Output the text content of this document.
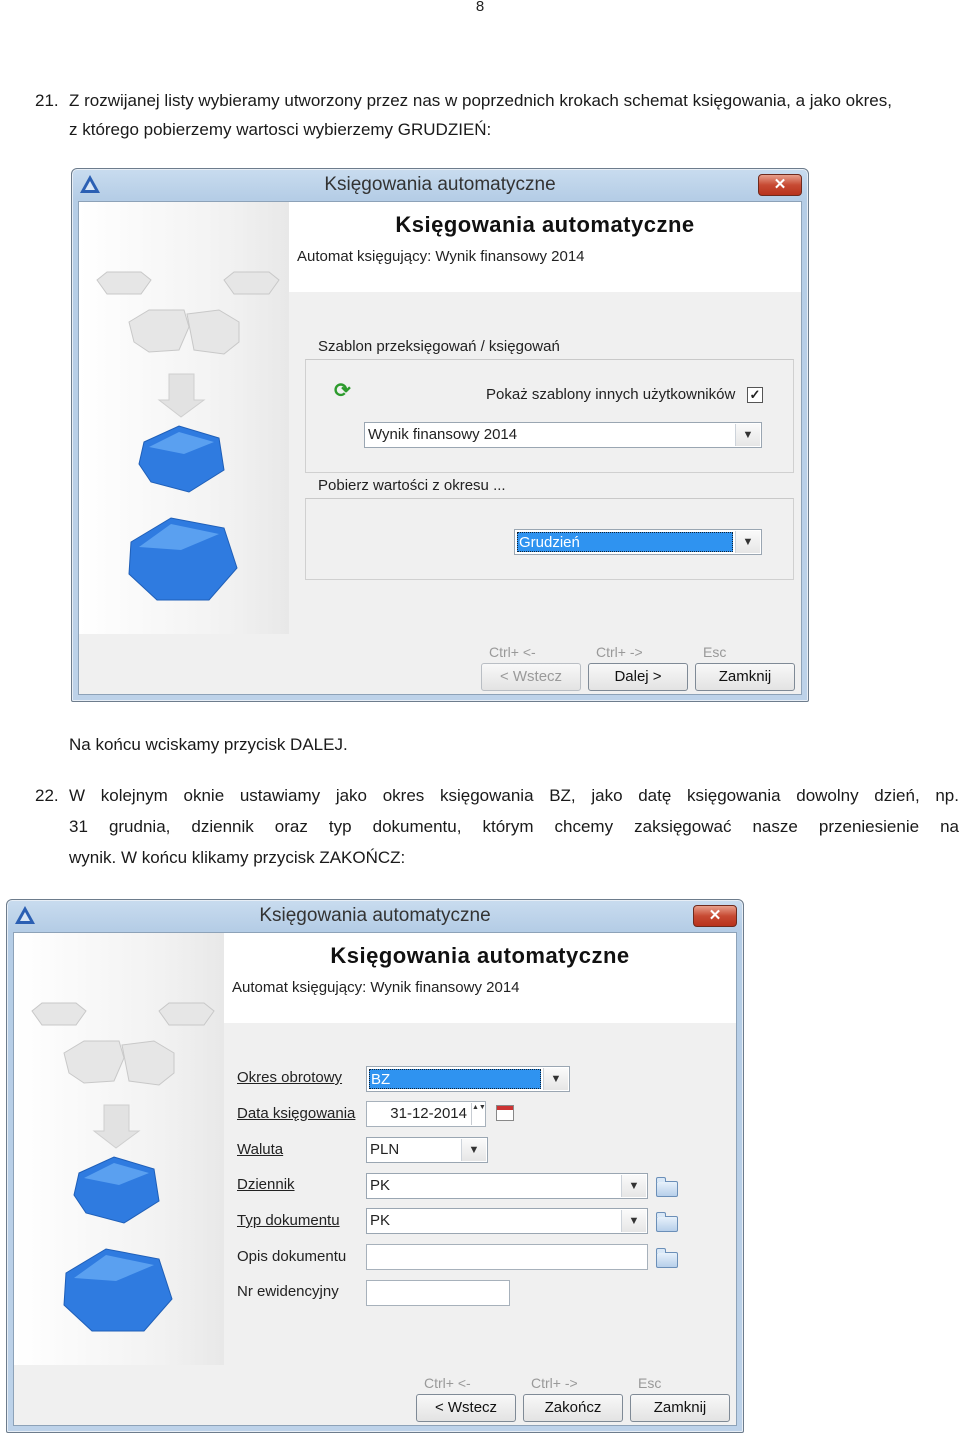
8
21. Z rozwijanej listy wybieramy utworzony przez nas w poprzednich krokach schemat księgowania, a jako okres,
z którego pobierzemy wartosci wybierzemy GRUDZIEŃ:
Księgowania automatyczne	✕
Księgowania automatyczne
Automat księgujący: Wynik finansowy 2014
Szablon przeksięgowań / księgowań
⟳	Pokaż szablony innych użytkowników ✓
Wynik finansowy 2014	▼
Pobierz wartości z okresu ...
Grudzień	▼
Ctrl+ <-	Ctrl+ ->	Esc
< Wstecz	Dalej >	Zamknij
Na końcu wciskamy przycisk DALEJ.
22. W kolejnym oknie ustawiamy jako okres księgowania BZ, jako datę księgowania dowolny dzień, np.
31 grudnia, dziennik oraz typ dokumentu, którym chcemy zaksięgować nasze przeniesienie na
wynik. W końcu klikamy przycisk ZAKOŃCZ:
Księgowania automatyczne	✕
Księgowania automatyczne
Automat księgujący: Wynik finansowy 2014
Okres obrotowy BZ	▼
Data księgowania 31-12-2014 ▲▼
Waluta	PLN	▼
Dziennik	PK	▼
Typ dokumentu PK	▼
Opis dokumentu
Nr ewidencyjny
Ctrl+ <-	Ctrl+ ->	Esc
< Wstecz	Zakończ	Zamknij
